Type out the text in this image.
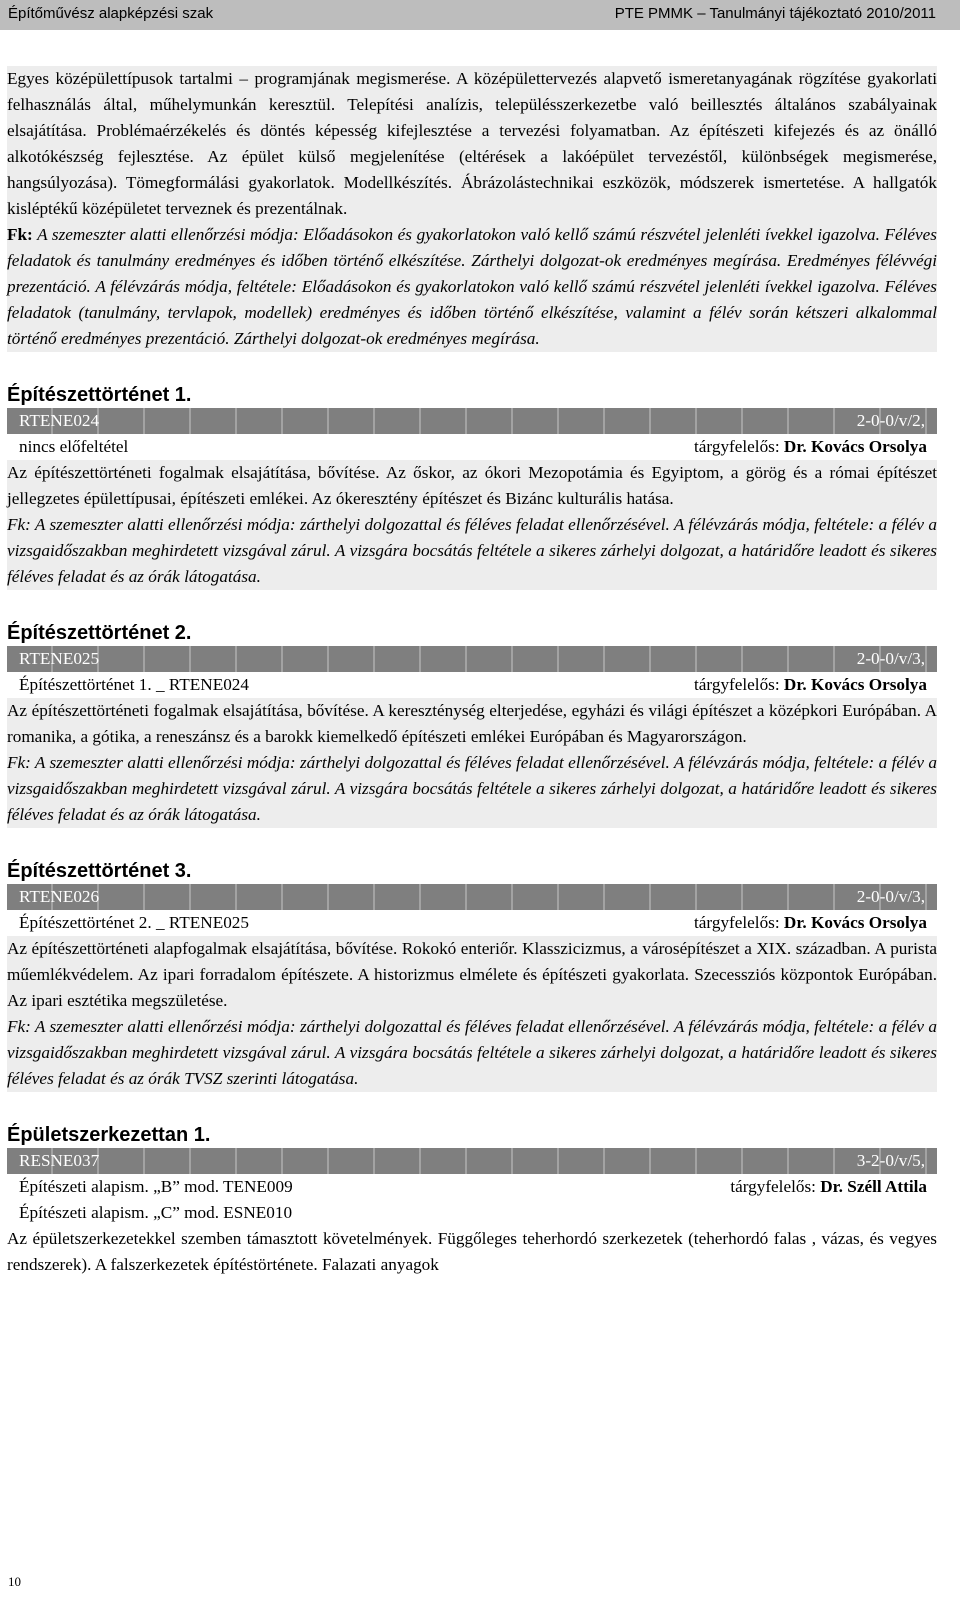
Építőművész alapképzési szak	PTE PMMK – Tanulmányi tájékoztató 2010/2011

Egyes középülettípusok tartalmi – programjának megismerése. A középülettervezés alapvető ismeretanyagának rögzítése gyakorlati felhasználás által, műhelymunkán keresztül. Telepítési analízis, településszerkezetbe való beillesztés általános szabályainak elsajátítása. Problémaérzékelés és döntés képesség kifejlesztése a tervezési folyamatban. Az építészeti kifejezés és az önálló alkotókészség fejlesztése. Az épület külső megjelenítése (eltérések a lakóépület tervezéstől, különbségek megismerése, hangsúlyozása). Tömegformálási gyakorlatok. Modellkészítés. Ábrázolástechnikai eszközök, módszerek ismertetése. A hallgatók kisléptékű középületet terveznek és prezentálnak.

Fk: A szemeszter alatti ellenőrzési módja: Előadásokon és gyakorlatokon való kellő számú részvétel jelenléti ívekkel igazolva. Féléves feladatok és tanulmány eredményes és időben történő elkészítése. Zárthelyi dolgozat-ok eredményes megírása. Eredményes félévvégi prezentáció. A félévzárás módja, feltétele: Előadásokon és gyakorlatokon való kellő számú részvétel jelenléti ívekkel igazolva. Féléves feladatok (tanulmány, tervlapok, modellek) eredményes és időben történő elkészítése, valamint a félév során kétszeri alkalommal történő eredményes prezentáció. Zárthelyi dolgozat-ok eredményes megírása.

Építészettörténet 1.
RTENE024	2-0-0/v/2,
nincs előfeltétel	tárgyfelelős: Dr. Kovács Orsolya

Az építészettörténeti fogalmak elsajátítása, bővítése. Az őskor, az ókori Mezopotámia és Egyiptom, a görög és a római építészet jellegzetes épülettípusai, építészeti emlékei. Az ókeresztény építészet és Bizánc kulturális hatása.

Fk: A szemeszter alatti ellenőrzési módja: zárthelyi dolgozattal és féléves feladat ellenőrzésével. A félévzárás módja, feltétele: a félév a vizsgaidőszakban meghirdetett vizsgával zárul. A vizsgára bocsátás feltétele a sikeres zárhelyi dolgozat, a határidőre leadott és sikeres féléves feladat és az órák látogatása.

Építészettörténet 2.
RTENE025	2-0-0/v/3,
Építészettörténet 1. _ RTENE024	tárgyfelelős: Dr. Kovács Orsolya

Az építészettörténeti fogalmak elsajátítása, bővítése. A kereszténység elterjedése, egyházi és világi építészet a középkori Európában. A romanika, a gótika, a reneszánsz és a barokk kiemelkedő építészeti emlékei Európában és Magyarországon.

Fk: A szemeszter alatti ellenőrzési módja: zárthelyi dolgozattal és féléves feladat ellenőrzésével. A félévzárás módja, feltétele: a félév a vizsgaidőszakban meghirdetett vizsgával zárul. A vizsgára bocsátás feltétele a sikeres zárhelyi dolgozat, a határidőre leadott és sikeres féléves feladat és az órák látogatása.

Építészettörténet 3.
RTENE026	2-0-0/v/3,
Építészettörténet 2. _ RTENE025	tárgyfelelős: Dr. Kovács Orsolya

Az építészettörténeti alapfogalmak elsajátítása, bővítése. Rokokó enteriőr. Klasszicizmus, a városépítészet a XIX. században. A purista műemlékvédelem. Az ipari forradalom építészete. A historizmus elmélete és építészeti gyakorlata. Szecessziós központok Európában. Az ipari esztétika megszületése.

Fk: A szemeszter alatti ellenőrzési módja: zárthelyi dolgozattal és féléves feladat ellenőrzésével. A félévzárás módja, feltétele: a félév a vizsgaidőszakban meghirdetett vizsgával zárul. A vizsgára bocsátás feltétele a sikeres zárhelyi dolgozat, a határidőre leadott és sikeres féléves feladat és az órák TVSZ szerinti látogatása.

Épületszerkezettan 1.
RESNE037	3-2-0/v/5,
Építészeti alapism. „B” mod. TENE009	tárgyfelelős: Dr. Széll Attila
Építészeti alapism. „C” mod. ESNE010

Az épületszerkezetekkel szemben támasztott követelmények. Függőleges teherhordó szerkezetek (teherhordó falas , vázas, és vegyes rendszerek). A falszerkezetek építéstörténete. Falazati anyagok

10
